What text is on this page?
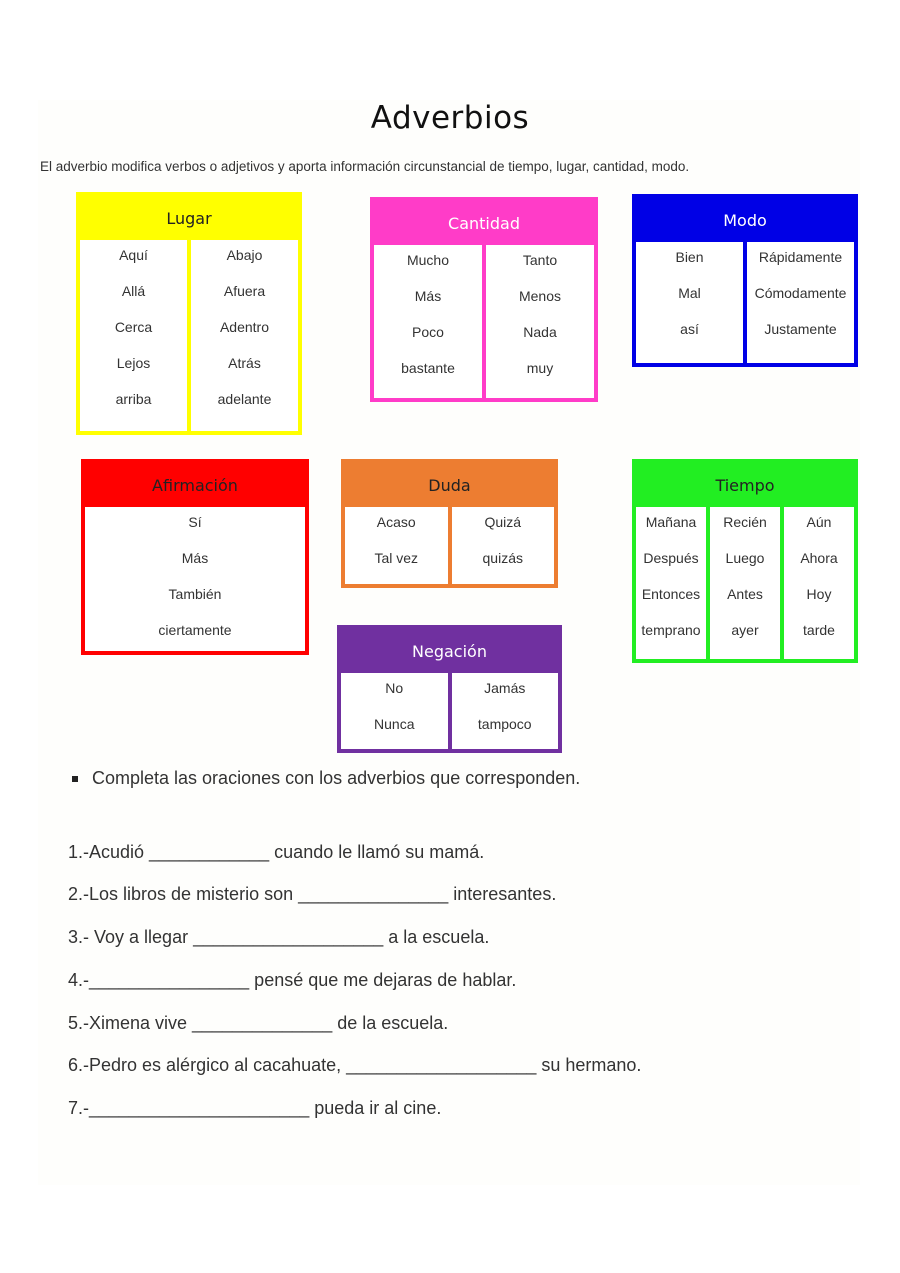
Adverbios
El adverbio modifica verbos o adjetivos y aporta información circunstancial de tiempo, lugar, cantidad, modo.
Lugar
Aquí
Allá
Cerca
Lejos
arriba
Abajo
Afuera
Adentro
Atrás
adelante
Cantidad
Mucho
Más
Poco
bastante
Tanto
Menos
Nada
muy
Modo
Bien
Mal
así
Rápidamente
Cómodamente
Justamente
Afirmación
Sí
Más
También
ciertamente
Duda
Acaso
Tal vez
Quizá
quizás
Tiempo
Mañana
Después
Entonces
temprano
Recién
Luego
Antes
ayer
Aún
Ahora
Hoy
tarde
Negación
No
Nunca
Jamás
tampoco
Completa las oraciones con los adverbios que corresponden.
1.-Acudió ____________ cuando le llamó su mamá.
2.-Los libros de misterio son _______________ interesantes.
3.- Voy a llegar ___________________ a la escuela.
4.-________________ pensé que me dejaras de hablar.
5.-Ximena vive ______________ de la escuela.
6.-Pedro es alérgico al cacahuate, ___________________ su hermano.
7.-______________________ pueda ir al cine.
